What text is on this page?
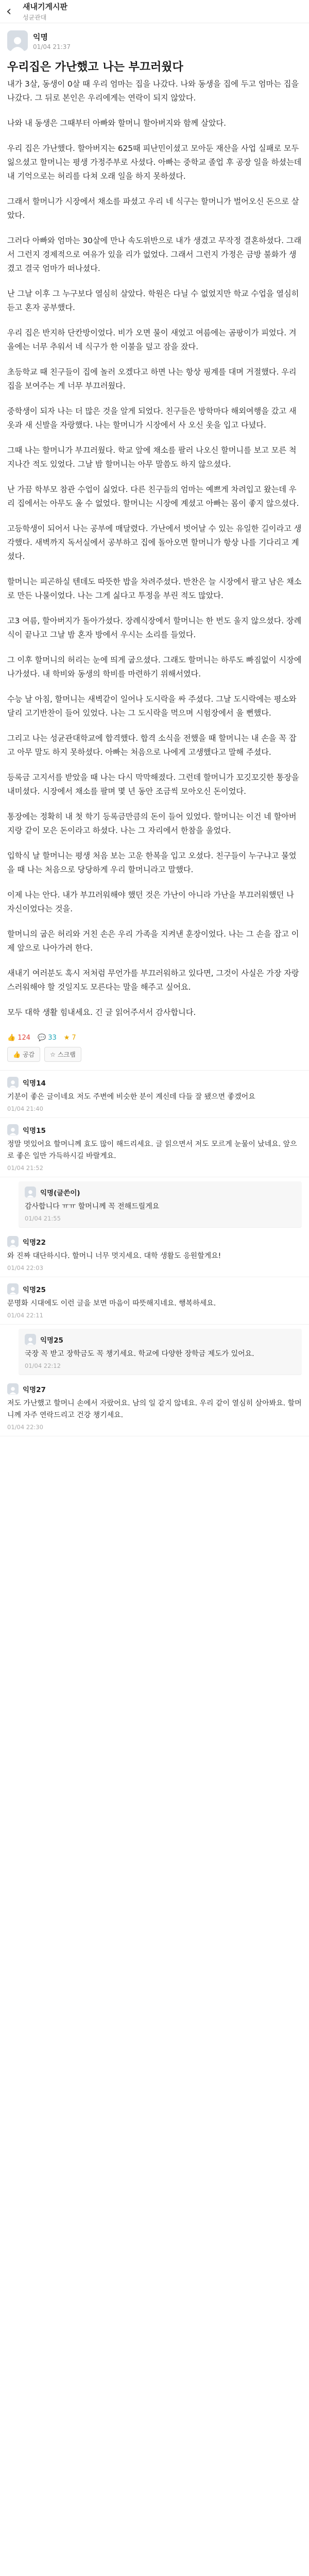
‹	새내기게시판
성균관대
익명
01/04 21:37
우리집은 가난했고 나는 부끄러웠다

내가 3살, 동생이 0살 때 우리 엄마는 집을 나갔다. 나와 동생을 집에 두고 엄마는 집을 나갔다. 그 뒤로 본인은 우리에게는 연락이 되지 않았다.

나와 내 동생은 그때부터 아빠와 할머니 할아버지와 함께 살았다.

우리 집은 가난했다. 할아버지는 625때 피난민이셨고 모아둔 재산을 사업 실패로 모두 잃으셨고 할머니는 평생 가정주부로 사셨다. 아빠는 중학교 졸업 후 공장 일을 하셨는데 내 기억으로는 허리를 다쳐 오래 일을 하지 못하셨다.

그래서 할머니가 시장에서 채소를 파셨고 우리 네 식구는 할머니가 벌어오신 돈으로 살았다.

그러다 아빠와 엄마는 30살에 만나 속도위반으로 내가 생겼고 무작정 결혼하셨다. 그래서 그런지 경제적으로 여유가 있을 리가 없었다. 그래서 그런지 가정은 금방 불화가 생겼고 결국 엄마가 떠나셨다.

난 그날 이후 그 누구보다 열심히 살았다. 학원은 다닐 수 없었지만 학교 수업을 열심히 듣고 혼자 공부했다.

우리 집은 반지하 단칸방이었다. 비가 오면 물이 새었고 여름에는 곰팡이가 피었다. 겨울에는 너무 추워서 네 식구가 한 이불을 덮고 잠을 잤다.

초등학교 때 친구들이 집에 놀러 오겠다고 하면 나는 항상 핑계를 대며 거절했다. 우리 집을 보여주는 게 너무 부끄러웠다.

중학생이 되자 나는 더 많은 것을 알게 되었다. 친구들은 방학마다 해외여행을 갔고 새 옷과 새 신발을 자랑했다. 나는 할머니가 시장에서 사 오신 옷을 입고 다녔다.

그때 나는 할머니가 부끄러웠다. 학교 앞에 채소를 팔러 나오신 할머니를 보고 모른 척 지나간 적도 있었다. 그날 밤 할머니는 아무 말씀도 하지 않으셨다.

난 가끔 학부모 참관 수업이 싫었다. 다른 친구들의 엄마는 예쁘게 차려입고 왔는데 우리 집에서는 아무도 올 수 없었다. 할머니는 시장에 계셨고 아빠는 몸이 좋지 않으셨다.

고등학생이 되어서 나는 공부에 매달렸다. 가난에서 벗어날 수 있는 유일한 길이라고 생각했다. 새벽까지 독서실에서 공부하고 집에 돌아오면 할머니가 항상 나를 기다리고 계셨다.

할머니는 피곤하실 텐데도 따뜻한 밥을 차려주셨다. 반찬은 늘 시장에서 팔고 남은 채소로 만든 나물이었다. 나는 그게 싫다고 투정을 부린 적도 많았다.

고3 여름, 할아버지가 돌아가셨다. 장례식장에서 할머니는 한 번도 울지 않으셨다. 장례식이 끝나고 그날 밤 혼자 방에서 우시는 소리를 들었다.

그 이후 할머니의 허리는 눈에 띄게 굽으셨다. 그래도 할머니는 하루도 빠짐없이 시장에 나가셨다. 내 학비와 동생의 학비를 마련하기 위해서였다.

수능 날 아침, 할머니는 새벽같이 일어나 도시락을 싸 주셨다. 그날 도시락에는 평소와 달리 고기반찬이 들어 있었다. 나는 그 도시락을 먹으며 시험장에서 울 뻔했다.

그리고 나는 성균관대학교에 합격했다. 합격 소식을 전했을 때 할머니는 내 손을 꼭 잡고 아무 말도 하지 못하셨다. 아빠는 처음으로 나에게 고생했다고 말해 주셨다.

등록금 고지서를 받았을 때 나는 다시 막막해졌다. 그런데 할머니가 꼬깃꼬깃한 통장을 내미셨다. 시장에서 채소를 팔며 몇 년 동안 조금씩 모아오신 돈이었다.

통장에는 정확히 내 첫 학기 등록금만큼의 돈이 들어 있었다. 할머니는 이건 네 할아버지랑 같이 모은 돈이라고 하셨다. 나는 그 자리에서 한참을 울었다.

입학식 날 할머니는 평생 처음 보는 고운 한복을 입고 오셨다. 친구들이 누구냐고 물었을 때 나는 처음으로 당당하게 우리 할머니라고 말했다.

이제 나는 안다. 내가 부끄러워해야 했던 것은 가난이 아니라 가난을 부끄러워했던 나 자신이었다는 것을.

할머니의 굽은 허리와 거친 손은 우리 가족을 지켜낸 훈장이었다. 나는 그 손을 잡고 이제 앞으로 나아가려 한다.

새내기 여러분도 혹시 저처럼 무언가를 부끄러워하고 있다면, 그것이 사실은 가장 자랑스러워해야 할 것일지도 모른다는 말을 해주고 싶어요.

모두 대학 생활 힘내세요. 긴 글 읽어주셔서 감사합니다.

👍 124 💬 33 ★ 7
👍 공감	☆ 스크랩
익명14
기분이 좋은 글이네요 저도 주변에 비슷한 분이 계신데 다들 잘 됐으면 좋겠어요
01/04 21:40
익명15
정말 멋있어요 할머니께 효도 많이 해드리세요. 글 읽으면서 저도 모르게 눈물이 났네요. 앞으로 좋은 일만 가득하시길 바랄게요.
01/04 21:52
익명(글쓴이)
감사합니다 ㅠㅠ 할머니께 꼭 전해드릴게요
01/04 21:55
익명22
와 진짜 대단하시다. 할머니 너무 멋지세요. 대학 생활도 응원할게요!
01/04 22:03
익명25
문명화 시대에도 이런 글을 보면 마음이 따뜻해지네요. 행복하세요.
01/04 22:11
익명25
국장 꼭 받고 장학금도 꼭 챙기세요. 학교에 다양한 장학금 제도가 있어요.
01/04 22:12
익명27
저도 가난했고 할머니 손에서 자랐어요. 남의 일 같지 않네요. 우리 같이 열심히 살아봐요. 할머니께 자주 연락드리고 건강 챙기세요.
01/04 22:30
